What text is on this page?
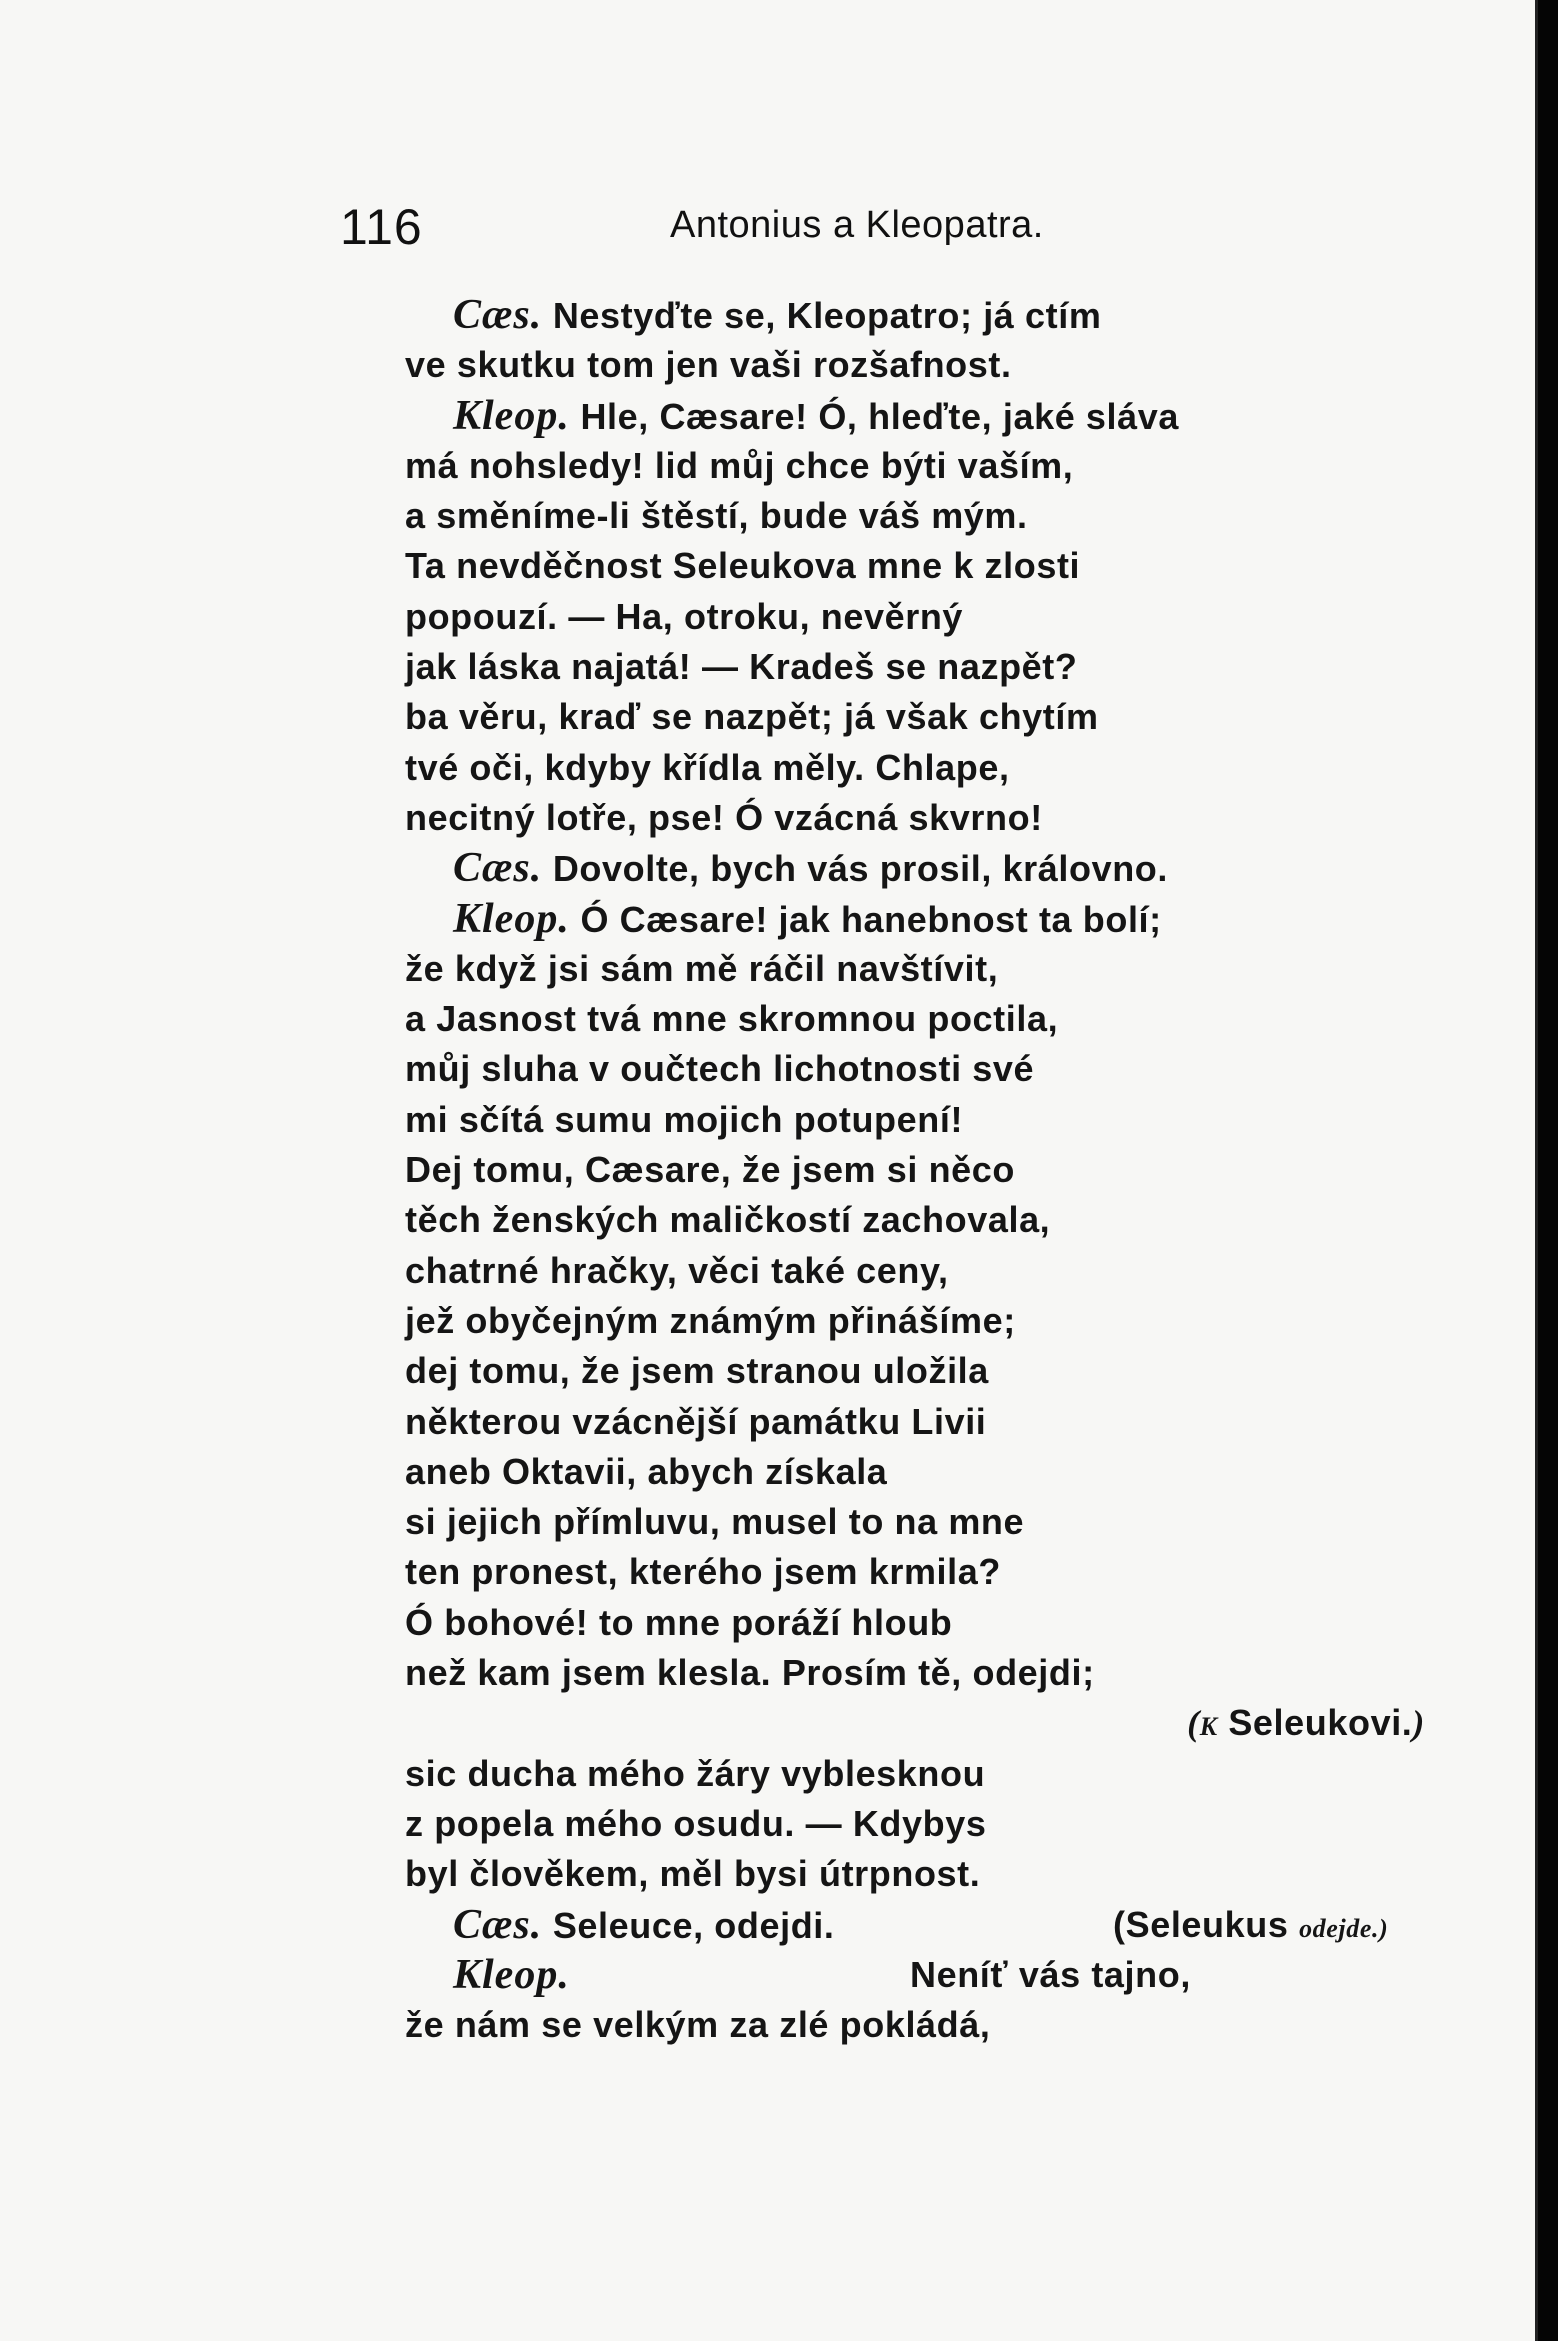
116	Antonius a Kleopatra.
Cæs. Nestyďte se, Kleopatro; já ctím
ve skutku tom jen vaši rozšafnost.
Kleop. Hle, Cæsare! Ó, hleďte, jaké sláva
má nohsledy! lid můj chce býti vaším,
a směníme-li štěstí, bude váš mým.
Ta nevděčnost Seleukova mne k zlosti
popouzí. — Ha, otroku, nevěrný
jak láska najatá! — Kradeš se nazpět?
ba věru, kraď se nazpět; já však chytím
tvé oči, kdyby křídla měly. Chlape,
necitný lotře, pse! Ó vzácná skvrno!
Cæs. Dovolte, bych vás prosil, královno.
Kleop. Ó Cæsare! jak hanebnost ta bolí;
že když jsi sám mě ráčil navštívit,
a Jasnost tvá mne skromnou poctila,
můj sluha v oučtech lichotnosti své
mi sčítá sumu mojich potupení!
Dej tomu, Cæsare, že jsem si něco
těch ženských maličkostí zachovala,
chatrné hračky, věci také ceny,
jež obyčejným známým přinášíme;
dej tomu, že jsem stranou uložila
některou vzácnější památku Livii
aneb Oktavii, abych získala
si jejich přímluvu, musel to na mne
ten pronest, kterého jsem krmila?
Ó bohové! to mne poráží hloub
než kam jsem klesla. Prosím tě, odejdi;
(K Seleukovi.)
sic ducha mého žáry vyblesknou
z popela mého osudu. — Kdybys
byl člověkem, měl bysi útrpnost.
Cæs. Seleuce, odejdi.	(Seleukus odejde.)
Kleop.	Neníť vás tajno,
že nám se velkým za zlé pokládá,
